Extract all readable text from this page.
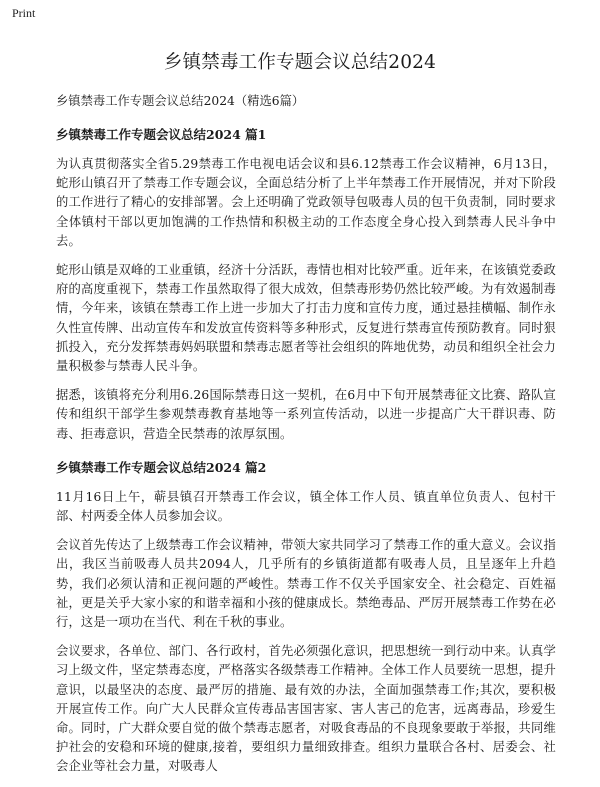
Print
乡镇禁毒工作专题会议总结2024

乡镇禁毒工作专题会议总结2024（精选6篇）

乡镇禁毒工作专题会议总结2024 篇1

为认真贯彻落实全省5.29禁毒工作电视电话会议和县6.12禁毒工作会议精神，6月13日，蛇形山镇召开了禁毒工作专题会议，全面总结分析了上半年禁毒工作开展情况，并对下阶段的工作进行了精心的安排部署。会上还明确了党政领导包吸毒人员的包干负责制，同时要求全体镇村干部以更加饱满的工作热情和积极主动的工作态度全身心投入到禁毒人民斗争中去。

蛇形山镇是双峰的工业重镇，经济十分活跃，毒情也相对比较严重。近年来，在该镇党委政府的高度重视下，禁毒工作虽然取得了很大成效，但禁毒形势仍然比较严峻。为有效遏制毒情，今年来，该镇在禁毒工作上进一步加大了打击力度和宣传力度，通过悬挂横幅、制作永久性宣传牌、出动宣传车和发放宣传资料等多种形式，反复进行禁毒宣传预防教育。同时狠抓投入，充分发挥禁毒妈妈联盟和禁毒志愿者等社会组织的阵地优势，动员和组织全社会力量积极参与禁毒人民斗争。

据悉，该镇将充分利用6.26国际禁毒日这一契机，在6月中下旬开展禁毒征文比赛、路队宣传和组织干部学生参观禁毒教育基地等一系列宣传活动，以进一步提高广大干群识毒、防毒、拒毒意识，营造全民禁毒的浓厚氛围。

乡镇禁毒工作专题会议总结2024 篇2

11月16日上午，蕲县镇召开禁毒工作会议，镇全体工作人员、镇直单位负责人、包村干部、村两委全体人员参加会议。

会议首先传达了上级禁毒工作会议精神，带领大家共同学习了禁毒工作的重大意义。会议指出，我区当前吸毒人员共2094人，几乎所有的乡镇街道都有吸毒人员，且呈逐年上升趋势，我们必须认清和正视问题的严峻性。禁毒工作不仅关乎国家安全、社会稳定、百姓福祉，更是关乎大家小家的和谐幸福和小孩的健康成长。禁绝毒品、严厉开展禁毒工作势在必行，这是一项功在当代、利在千秋的事业。

会议要求，各单位、部门、各行政村，首先必须强化意识，把思想统一到行动中来。认真学习上级文件，坚定禁毒态度，严格落实各级禁毒工作精神。全体工作人员要统一思想，提升意识，以最坚决的态度、最严厉的措施、最有效的办法，全面加强禁毒工作;其次，要积极开展宣传工作。向广大人民群众宣传毒品害国害家、害人害己的危害，远离毒品，珍爱生命。同时，广大群众要自觉的做个禁毒志愿者，对吸食毒品的不良现象要敢于举报，共同维护社会的安稳和环境的健康,接着，要组织力量细致排查。组织力量联合各村、居委会、社会企业等社会力量，对吸毒人
